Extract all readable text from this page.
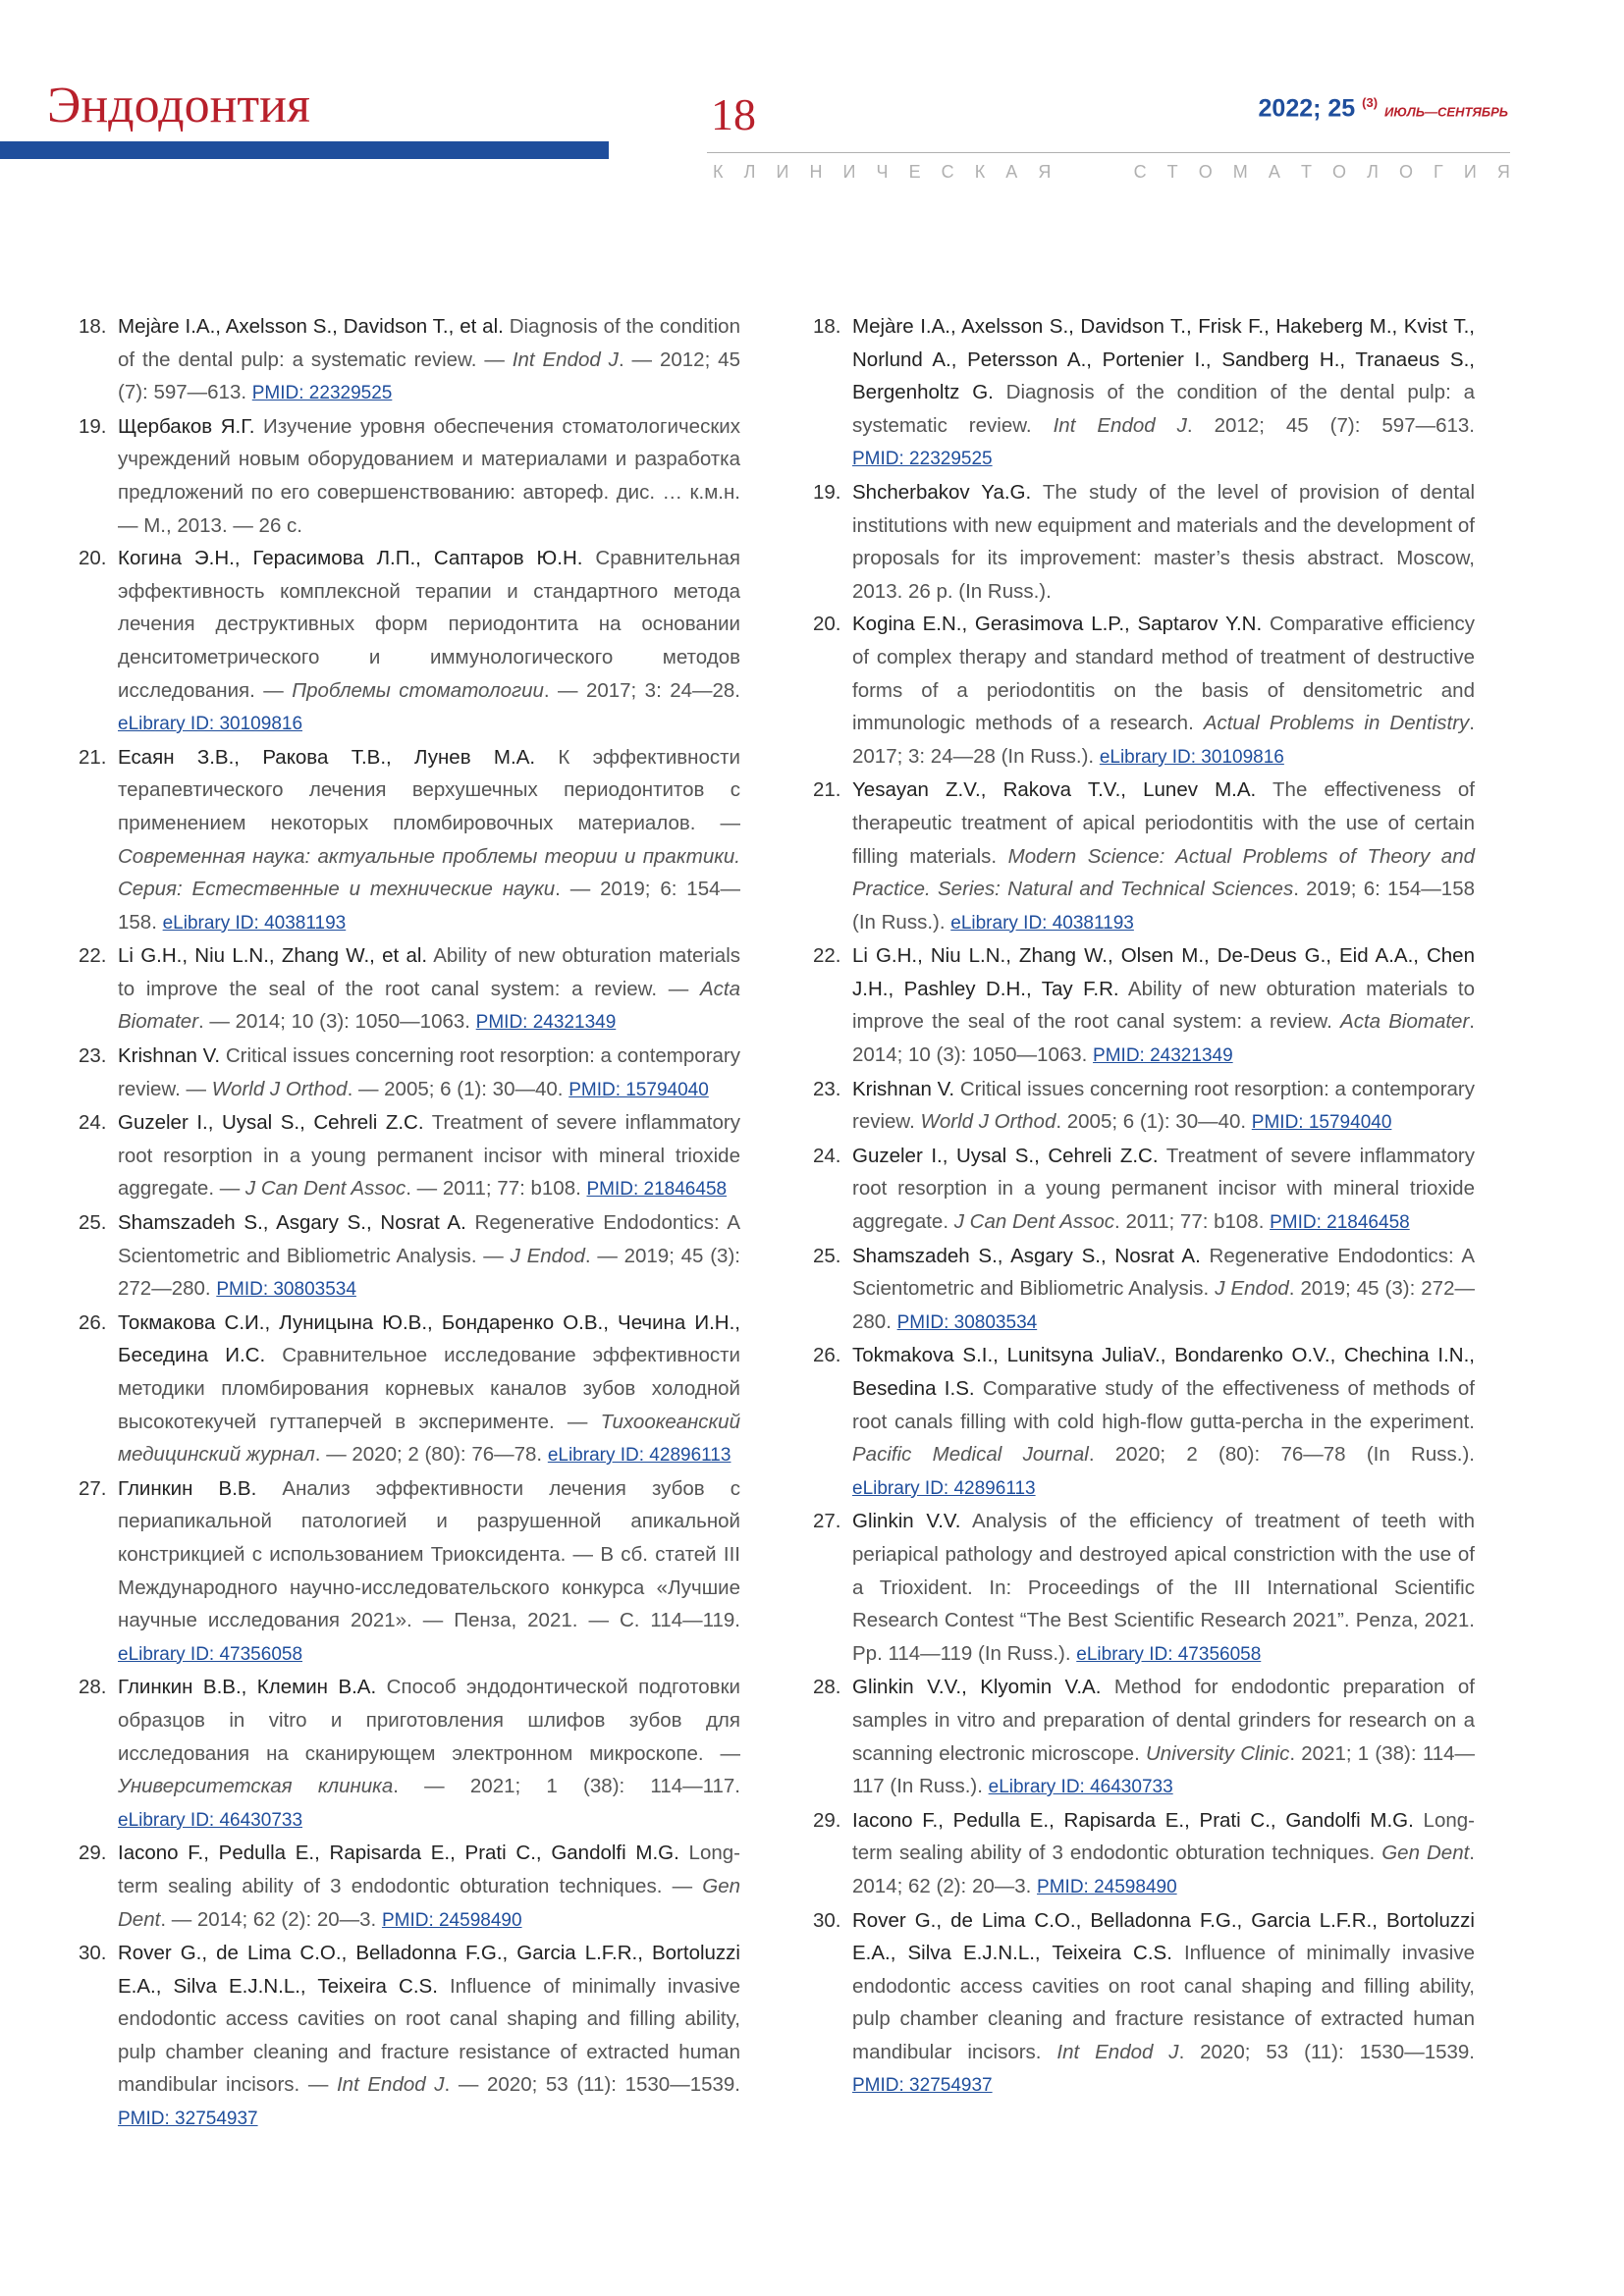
Эндодонтия	18	2022; 25 $^{(3)}$ ИЮЛЬ—СЕНТЯБРЬ
К Л И Н И Ч Е С К А Я	С Т О М А Т О Л О Г И Я

18. Mejàre I.A., Axelsson S., Davidson T., et al. Diagnosis of the condition of the dental pulp: a systematic review. — Int Endod J. — 2012; 45 (7): 597—613. PMID: 22329525

19. Щербаков Я.Г. Изучение уровня обеспечения стоматологических учреждений новым оборудованием и материалами и разработка предложений по его совершенствованию: автореф. дис. … к.м.н. — М., 2013. — 26 с.

20. Когина Э.Н., Герасимова Л.П., Саптаров Ю.Н. Сравнительная эффективность комплексной терапии и стандартного метода лечения деструктивных форм периодонтита на основании денситометрического и иммунологического методов исследования. — Проблемы стоматологии. — 2017; 3: 24—28. eLibrary ID: 30109816

21. Есаян З.В., Ракова Т.В., Лунев М.А. К эффективности терапевтического лечения верхушечных периодонтитов с применением некоторых пломбировочных материалов. — Современная наука: актуальные проблемы теории и практики. Серия: Естественные и технические науки. — 2019; 6: 154—158. eLibrary ID: 40381193

22. Li G.H., Niu L.N., Zhang W., et al. Ability of new obturation materials to improve the seal of the root canal system: a review. — Acta Biomater. — 2014; 10 (3): 1050—1063. PMID: 24321349

23. Krishnan V. Critical issues concerning root resorption: a contemporary review. — World J Orthod. — 2005; 6 (1): 30—40. PMID: 15794040

24. Guzeler I., Uysal S., Cehreli Z.C. Treatment of severe inflammatory root resorption in a young permanent incisor with mineral trioxide aggregate. — J Can Dent Assoc. — 2011; 77: b108. PMID: 21846458

25. Shamszadeh S., Asgary S., Nosrat A. Regenerative Endodontics: A Scientometric and Bibliometric Analysis. — J Endod. — 2019; 45 (3): 272—280. PMID: 30803534

26. Токмакова С.И., Луницына Ю.В., Бондаренко О.В., Чечина И.Н., Беседина И.С. Сравнительное исследование эффективности методики пломбирования корневых каналов зубов холодной высокотекучей гуттаперчей в эксперименте. — Тихоокеанский медицинский журнал. — 2020; 2 (80): 76—78. eLibrary ID: 42896113

27. Глинкин В.В. Анализ эффективности лечения зубов с периапикальной патологией и разрушенной апикальной констрикцией с использованием Триоксидента. — В сб. статей III Международного научно-исследовательского конкурса «Лучшие научные исследования 2021». — Пенза, 2021. — С. 114—119. eLibrary ID: 47356058

28. Глинкин В.В., Клемин В.А. Способ эндодонтической подготовки образцов in vitro и приготовления шлифов зубов для исследования на сканирующем электронном микроскопе. — Университетская клиника. — 2021; 1 (38): 114—117. eLibrary ID: 46430733

29. Iacono F., Pedulla E., Rapisarda E., Prati C., Gandolfi M.G. Long-term sealing ability of 3 endodontic obturation techniques. — Gen Dent. — 2014; 62 (2): 20—3. PMID: 24598490

30. Rover G., de Lima C.O., Belladonna F.G., Garcia L.F.R., Bortoluzzi E.A., Silva E.J.N.L., Teixeira C.S. Influence of minimally invasive endodontic access cavities on root canal shaping and filling ability, pulp chamber cleaning and fracture resistance of extracted human mandibular incisors. — Int Endod J. — 2020; 53 (11): 1530—1539. PMID: 32754937

18. Mejàre I.A., Axelsson S., Davidson T., Frisk F., Hakeberg M., Kvist T., Norlund A., Petersson A., Portenier I., Sandberg H., Tranaeus S., Bergenholtz G. Diagnosis of the condition of the dental pulp: a systematic review. Int Endod J. 2012; 45 (7): 597—613. PMID: 22329525

19. Shcherbakov Ya.G. The study of the level of provision of dental institutions with new equipment and materials and the development of proposals for its improvement: master’s thesis abstract. Moscow, 2013. 26 p. (In Russ.).

20. Kogina E.N., Gerasimova L.P., Saptarov Y.N. Comparative efficiency of complex therapy and standard method of treatment of destructive forms of a periodontitis on the basis of densitometric and immunologic methods of a research. Actual Problems in Dentistry. 2017; 3: 24—28 (In Russ.). eLibrary ID: 30109816

21. Yesayan Z.V., Rakova T.V., Lunev M.A. The effectiveness of therapeutic treatment of apical periodontitis with the use of certain filling materials. Modern Science: Actual Problems of Theory and Practice. Series: Natural and Technical Sciences. 2019; 6: 154—158 (In Russ.). eLibrary ID: 40381193

22. Li G.H., Niu L.N., Zhang W., Olsen M., De-Deus G., Eid A.A., Chen J.H., Pashley D.H., Tay F.R. Ability of new obturation materials to improve the seal of the root canal system: a review. Acta Biomater. 2014; 10 (3): 1050—1063. PMID: 24321349

23. Krishnan V. Critical issues concerning root resorption: a contemporary review. World J Orthod. 2005; 6 (1): 30—40. PMID: 15794040

24. Guzeler I., Uysal S., Cehreli Z.C. Treatment of severe inflammatory root resorption in a young permanent incisor with mineral trioxide aggregate. J Can Dent Assoc. 2011; 77: b108. PMID: 21846458

25. Shamszadeh S., Asgary S., Nosrat A. Regenerative Endodontics: A Scientometric and Bibliometric Analysis. J Endod. 2019; 45 (3): 272—280. PMID: 30803534

26. Tokmakova S.I., Lunitsyna JuliaV., Bondarenko O.V., Chechina I.N., Besedina I.S. Comparative study of the effectiveness of methods of root canals filling with cold high-flow gutta-percha in the experiment. Pacific Medical Journal. 2020; 2 (80): 76—78 (In Russ.). eLibrary ID: 42896113

27. Glinkin V.V. Analysis of the efficiency of treatment of teeth with periapical pathology and destroyed apical constriction with the use of a Trioxident. In: Proceedings of the III International Scientific Research Contest “The Best Scientific Research 2021”. Penza, 2021. Pp. 114—119 (In Russ.). eLibrary ID: 47356058

28. Glinkin V.V., Klyomin V.A. Method for endodontic preparation of samples in vitro and preparation of dental grinders for research on a scanning electronic microscope. University Clinic. 2021; 1 (38): 114—117 (In Russ.). eLibrary ID: 46430733

29. Iacono F., Pedulla E., Rapisarda E., Prati C., Gandolfi M.G. Long-term sealing ability of 3 endodontic obturation techniques. Gen Dent. 2014; 62 (2): 20—3. PMID: 24598490

30. Rover G., de Lima C.O., Belladonna F.G., Garcia L.F.R., Bortoluzzi E.A., Silva E.J.N.L., Teixeira C.S. Influence of minimally invasive endodontic access cavities on root canal shaping and filling ability, pulp chamber cleaning and fracture resistance of extracted human mandibular incisors. Int Endod J. 2020; 53 (11): 1530—1539. PMID: 32754937
